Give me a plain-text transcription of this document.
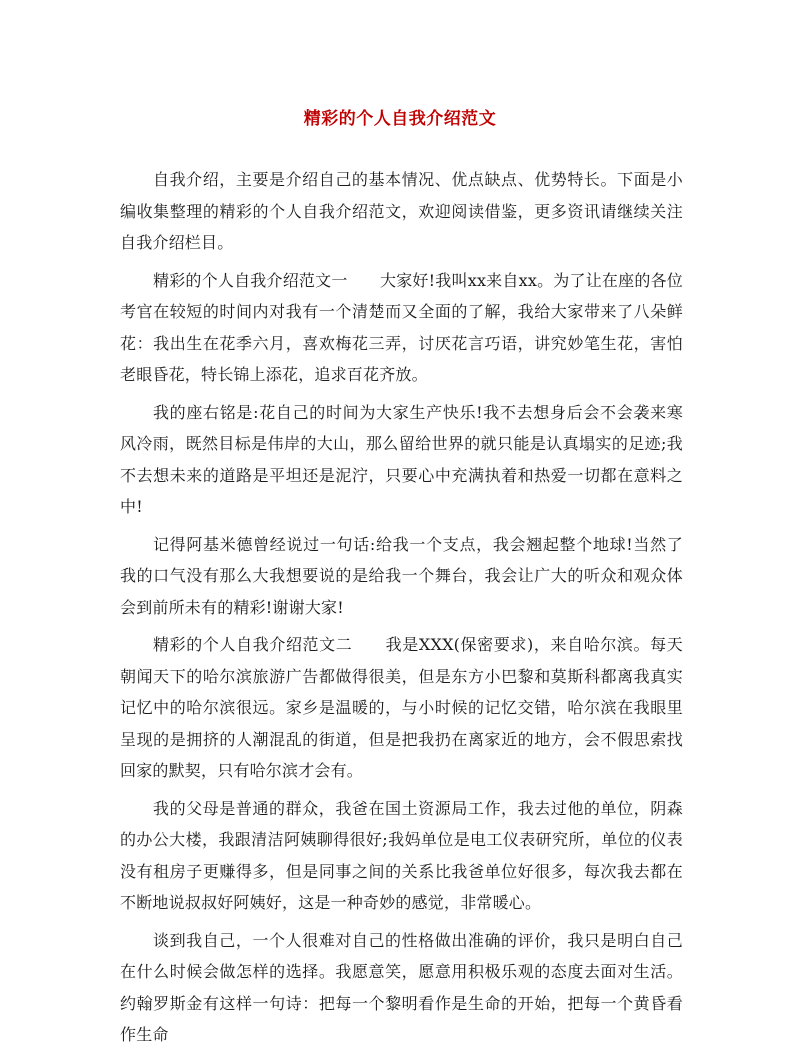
精彩的个人自我介绍范文

自我介绍，主要是介绍自己的基本情况、优点缺点、优势特长。下面是小编收集整理的精彩的个人自我介绍范文，欢迎阅读借鉴，更多资讯请继续关注自我介绍栏目。

精彩的个人自我介绍范文一　　大家好!我叫xx来自xx。为了让在座的各位考官在较短的时间内对我有一个清楚而又全面的了解，我给大家带来了八朵鲜花：我出生在花季六月，喜欢梅花三弄，讨厌花言巧语，讲究妙笔生花，害怕老眼昏花，特长锦上添花，追求百花齐放。

我的座右铭是:花自己的时间为大家生产快乐!我不去想身后会不会袭来寒风冷雨，既然目标是伟岸的大山，那么留给世界的就只能是认真塌实的足迹;我不去想未来的道路是平坦还是泥泞，只要心中充满执着和热爱一切都在意料之中!

记得阿基米德曾经说过一句话:给我一个支点，我会翘起整个地球!当然了我的口气没有那么大我想要说的是给我一个舞台，我会让广大的听众和观众体会到前所未有的精彩!谢谢大家!

精彩的个人自我介绍范文二　　我是XXX(保密要求)，来自哈尔滨。每天朝闻天下的哈尔滨旅游广告都做得很美，但是东方小巴黎和莫斯科都离我真实记忆中的哈尔滨很远。家乡是温暖的，与小时候的记忆交错，哈尔滨在我眼里呈现的是拥挤的人潮混乱的街道，但是把我扔在离家近的地方，会不假思索找回家的默契，只有哈尔滨才会有。

我的父母是普通的群众，我爸在国土资源局工作，我去过他的单位，阴森的办公大楼，我跟清洁阿姨聊得很好;我妈单位是电工仪表研究所，单位的仪表没有租房子更赚得多，但是同事之间的关系比我爸单位好很多，每次我去都在不断地说叔叔好阿姨好，这是一种奇妙的感觉，非常暖心。

谈到我自己，一个人很难对自己的性格做出准确的评价，我只是明白自己在什么时候会做怎样的选择。我愿意笑，愿意用积极乐观的态度去面对生活。约翰罗斯金有这样一句诗：把每一个黎明看作是生命的开始，把每一个黄昏看作生命
